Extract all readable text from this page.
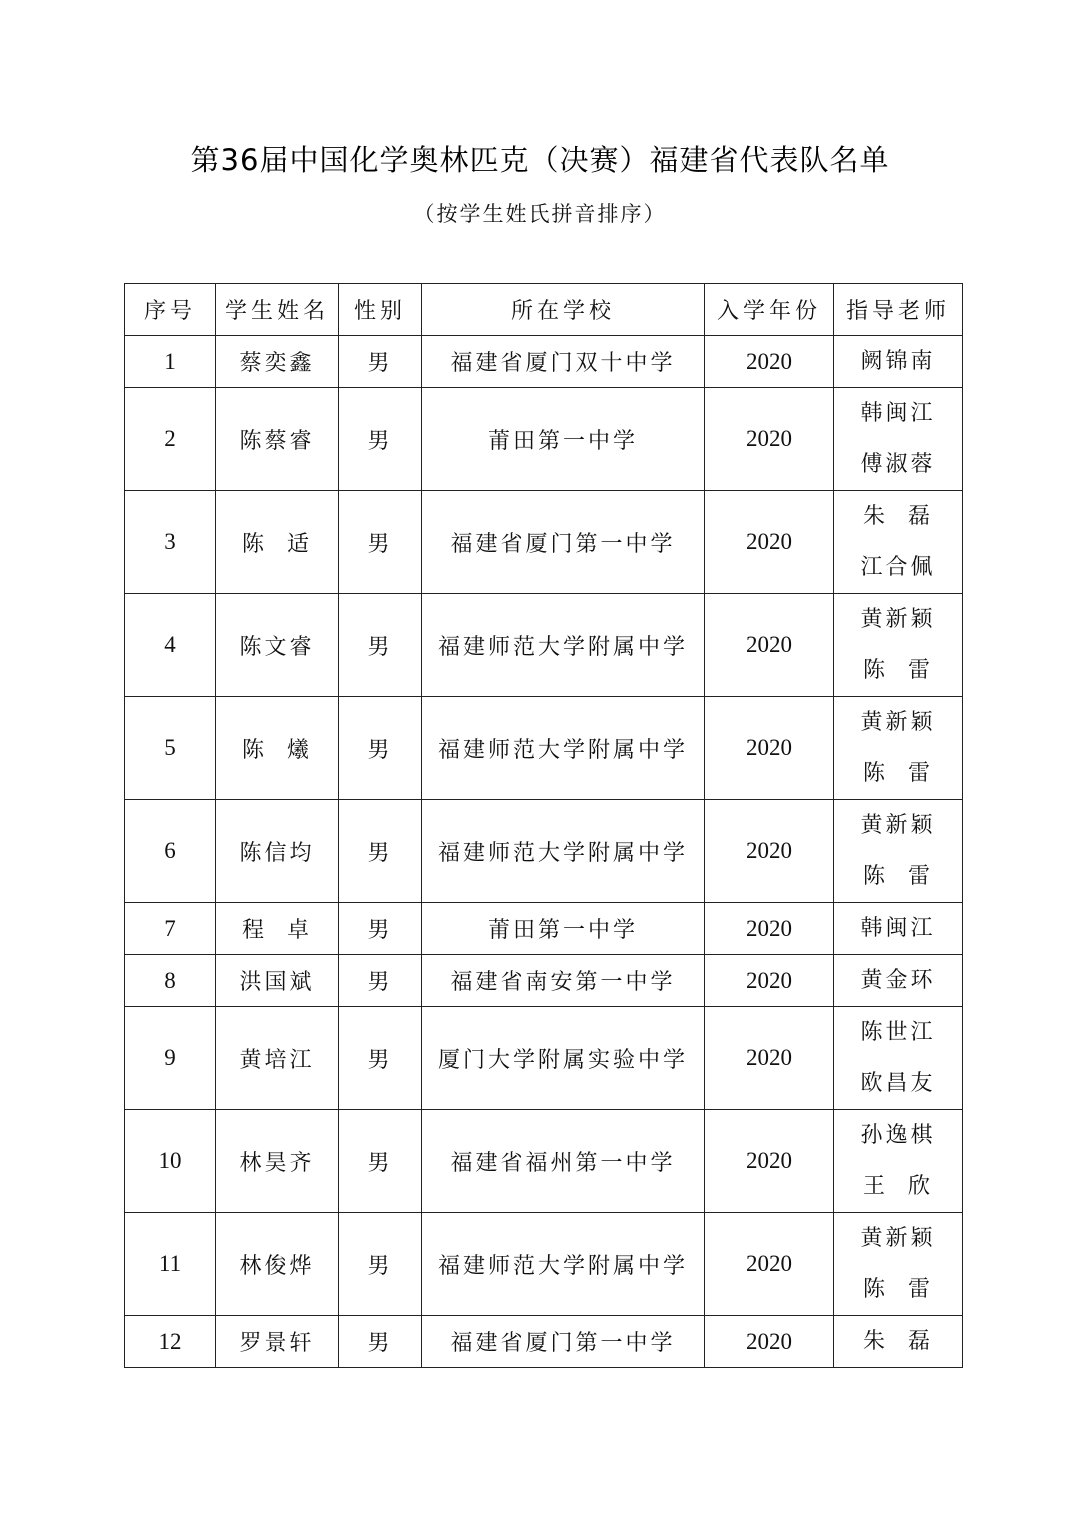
第36届中国化学奥林匹克（决赛）福建省代表队名单
（按学生姓氏拼音排序）
序号	学生姓名	性别	所在学校	入学年份	指导老师
1	蔡奕鑫	男	福建省厦门双十中学	2020	阙锦南

2	陈蔡睿	男	莆田第一中学	2020	韩闽江
傅淑蓉

3	陈  适	男	福建省厦门第一中学	2020	朱  磊
江合佩

4	陈文睿	男	福建师范大学附属中学	2020	黄新颖
陈  雷

5	陈  爔	男	福建师范大学附属中学	2020	黄新颖
陈  雷

6	陈信均	男	福建师范大学附属中学	2020	黄新颖
陈  雷

7	程  卓	男	莆田第一中学	2020	韩闽江

8	洪国斌	男	福建省南安第一中学	2020	黄金环

9	黄培江	男	厦门大学附属实验中学	2020	陈世江
欧昌友

10	林昊齐	男	福建省福州第一中学	2020	孙逸棋
王  欣

11	林俊烨	男	福建师范大学附属中学	2020	黄新颖
陈  雷

12	罗景轩	男	福建省厦门第一中学	2020	朱  磊
